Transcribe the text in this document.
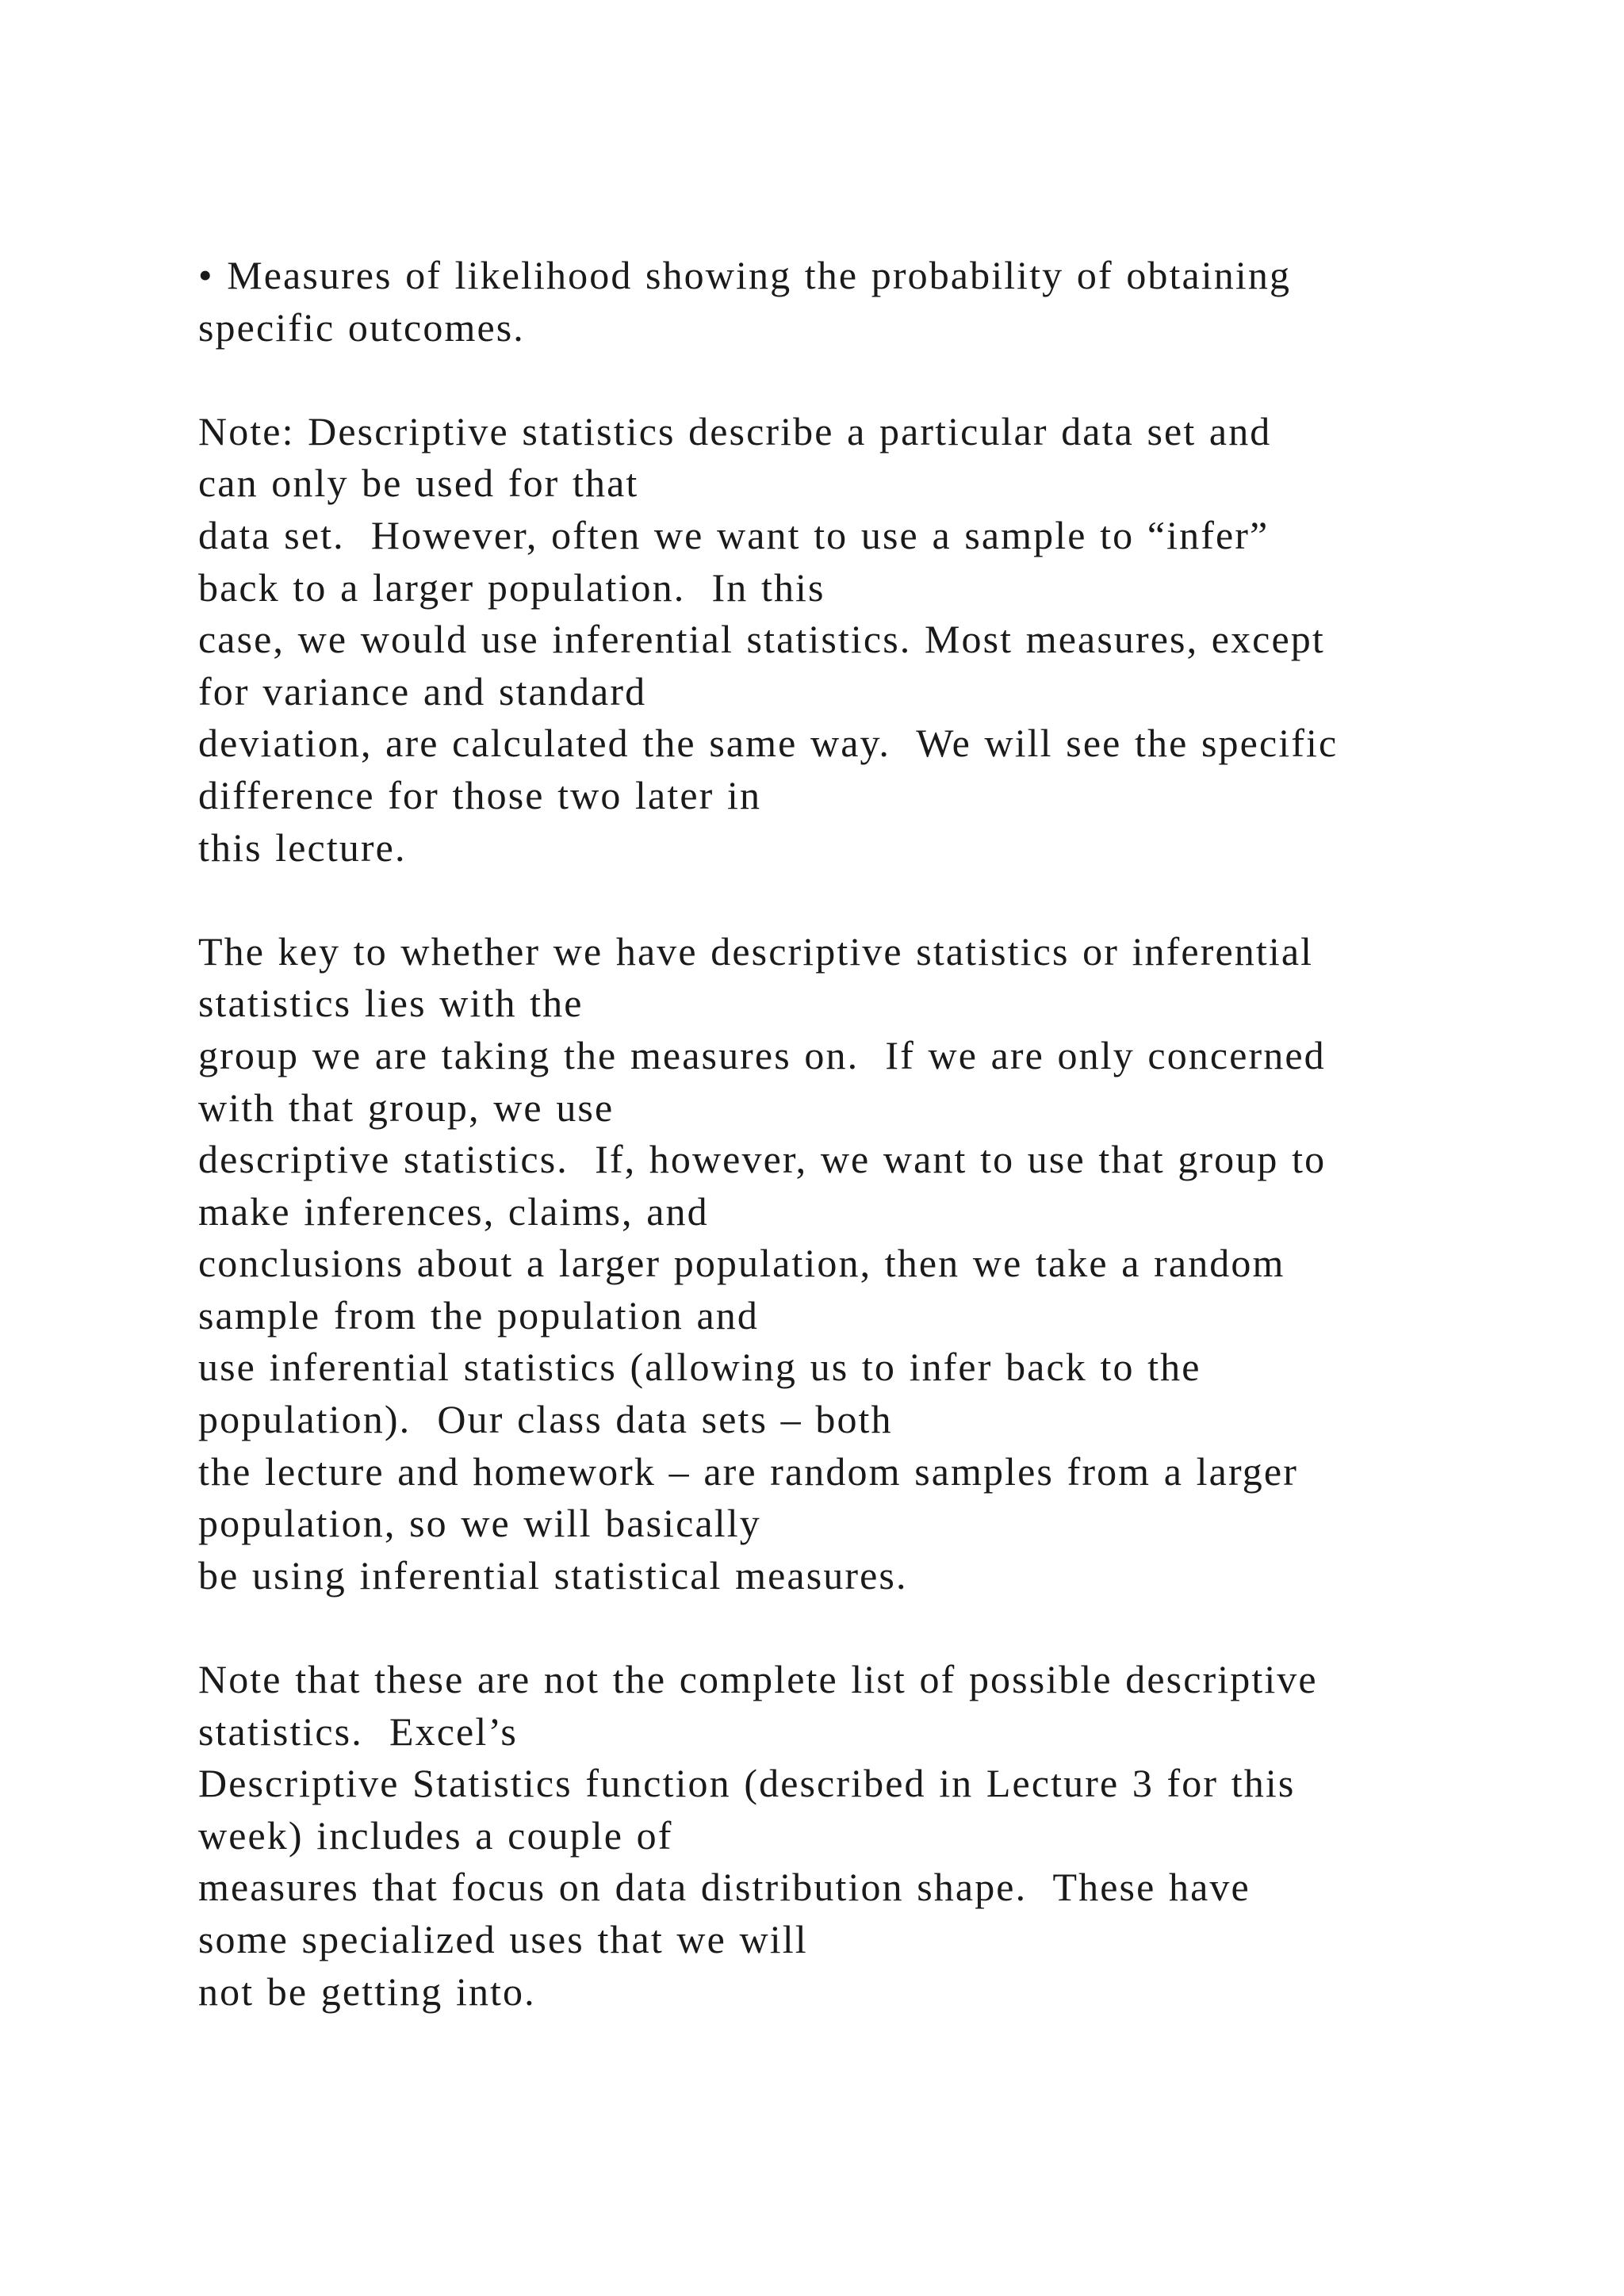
• Measures of likelihood showing the probability of obtaining
specific outcomes.

Note: Descriptive statistics describe a particular data set and
can only be used for that
data set.  However, often we want to use a sample to “infer”
back to a larger population.  In this
case, we would use inferential statistics. Most measures, except
for variance and standard
deviation, are calculated the same way.  We will see the specific
difference for those two later in
this lecture.

The key to whether we have descriptive statistics or inferential
statistics lies with the
group we are taking the measures on.  If we are only concerned
with that group, we use
descriptive statistics.  If, however, we want to use that group to
make inferences, claims, and
conclusions about a larger population, then we take a random
sample from the population and
use inferential statistics (allowing us to infer back to the
population).  Our class data sets – both
the lecture and homework – are random samples from a larger
population, so we will basically
be using inferential statistical measures.

Note that these are not the complete list of possible descriptive
statistics.  Excel’s
Descriptive Statistics function (described in Lecture 3 for this
week) includes a couple of
measures that focus on data distribution shape.  These have
some specialized uses that we will
not be getting into.
